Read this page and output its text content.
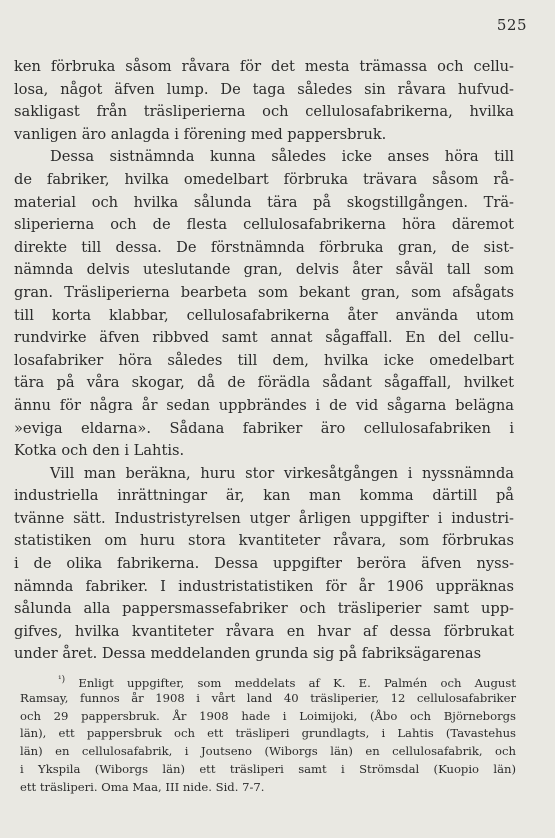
525

ken förbruka såsom råvara för det mesta trämassa och cellu-
losa, något äfven lump. De taga således sin råvara hufvud-
sakligast från träsliperierna och cellulosafabrikerna, hvilka
vanligen äro anlagda i förening med pappersbruk.

Dessa sistnämnda kunna således icke anses höra till
de fabriker, hvilka omedelbart förbruka trävara såsom rå-
material och hvilka sålunda tära på skogstillgången. Trä-
sliperierna och de flesta cellulosafabrikerna höra däremot
direkte till dessa. De förstnämnda förbruka gran, de sist-
nämnda delvis uteslutande gran, delvis åter såväl tall som
gran. Träsliperierna bearbeta som bekant gran, som afsågats
till korta klabbar, cellulosafabrikerna åter använda utom
rundvirke äfven ribbved samt annat sågaffall. En del cellu-
losafabriker höra således till dem, hvilka icke omedelbart
tära på våra skogar, då de förädla sådant sågaffall, hvilket
ännu för några år sedan uppbrändes i de vid sågarna belägna
»eviga eldarna». Sådana fabriker äro cellulosafabriken i
Kotka och den i Lahtis.

Vill man beräkna, huru stor virkesåtgången i nyssnämnda
industriella inrättningar är, kan man komma därtill på
tvänne sätt. Industristyrelsen utger årligen uppgifter i industri-
statistiken om huru stora kvantiteter råvara, som förbrukas
i de olika fabrikerna. Dessa uppgifter beröra äfven nyss-
nämnda fabriker. I industristatistiken för år 1906 uppräknas
sålunda alla pappersmassefabriker och träsliperier samt upp-
gifves, hvilka kvantiteter råvara en hvar af dessa förbrukat
under året. Dessa meddelanden grunda sig på fabriksägarenas

$^{^1)}$ Enligt uppgifter, som meddelats af K. E. Palmén och August
Ramsay, funnos år 1908 i vårt land 40 träsliperier, 12 cellulosafabriker
och 29 pappersbruk. År 1908 hade i Loimijoki, (Åbo och Björneborgs
län), ett pappersbruk och ett träsliperi grundlagts, i Lahtis (Tavastehus
län) en cellulosafabrik, i Joutseno (Wiborgs län) en cellulosafabrik, och
i Ykspila (Wiborgs län) ett träsliperi samt i Strömsdal (Kuopio län)
ett träsliperi. Oma Maa, III nide. Sid. 7-7.
